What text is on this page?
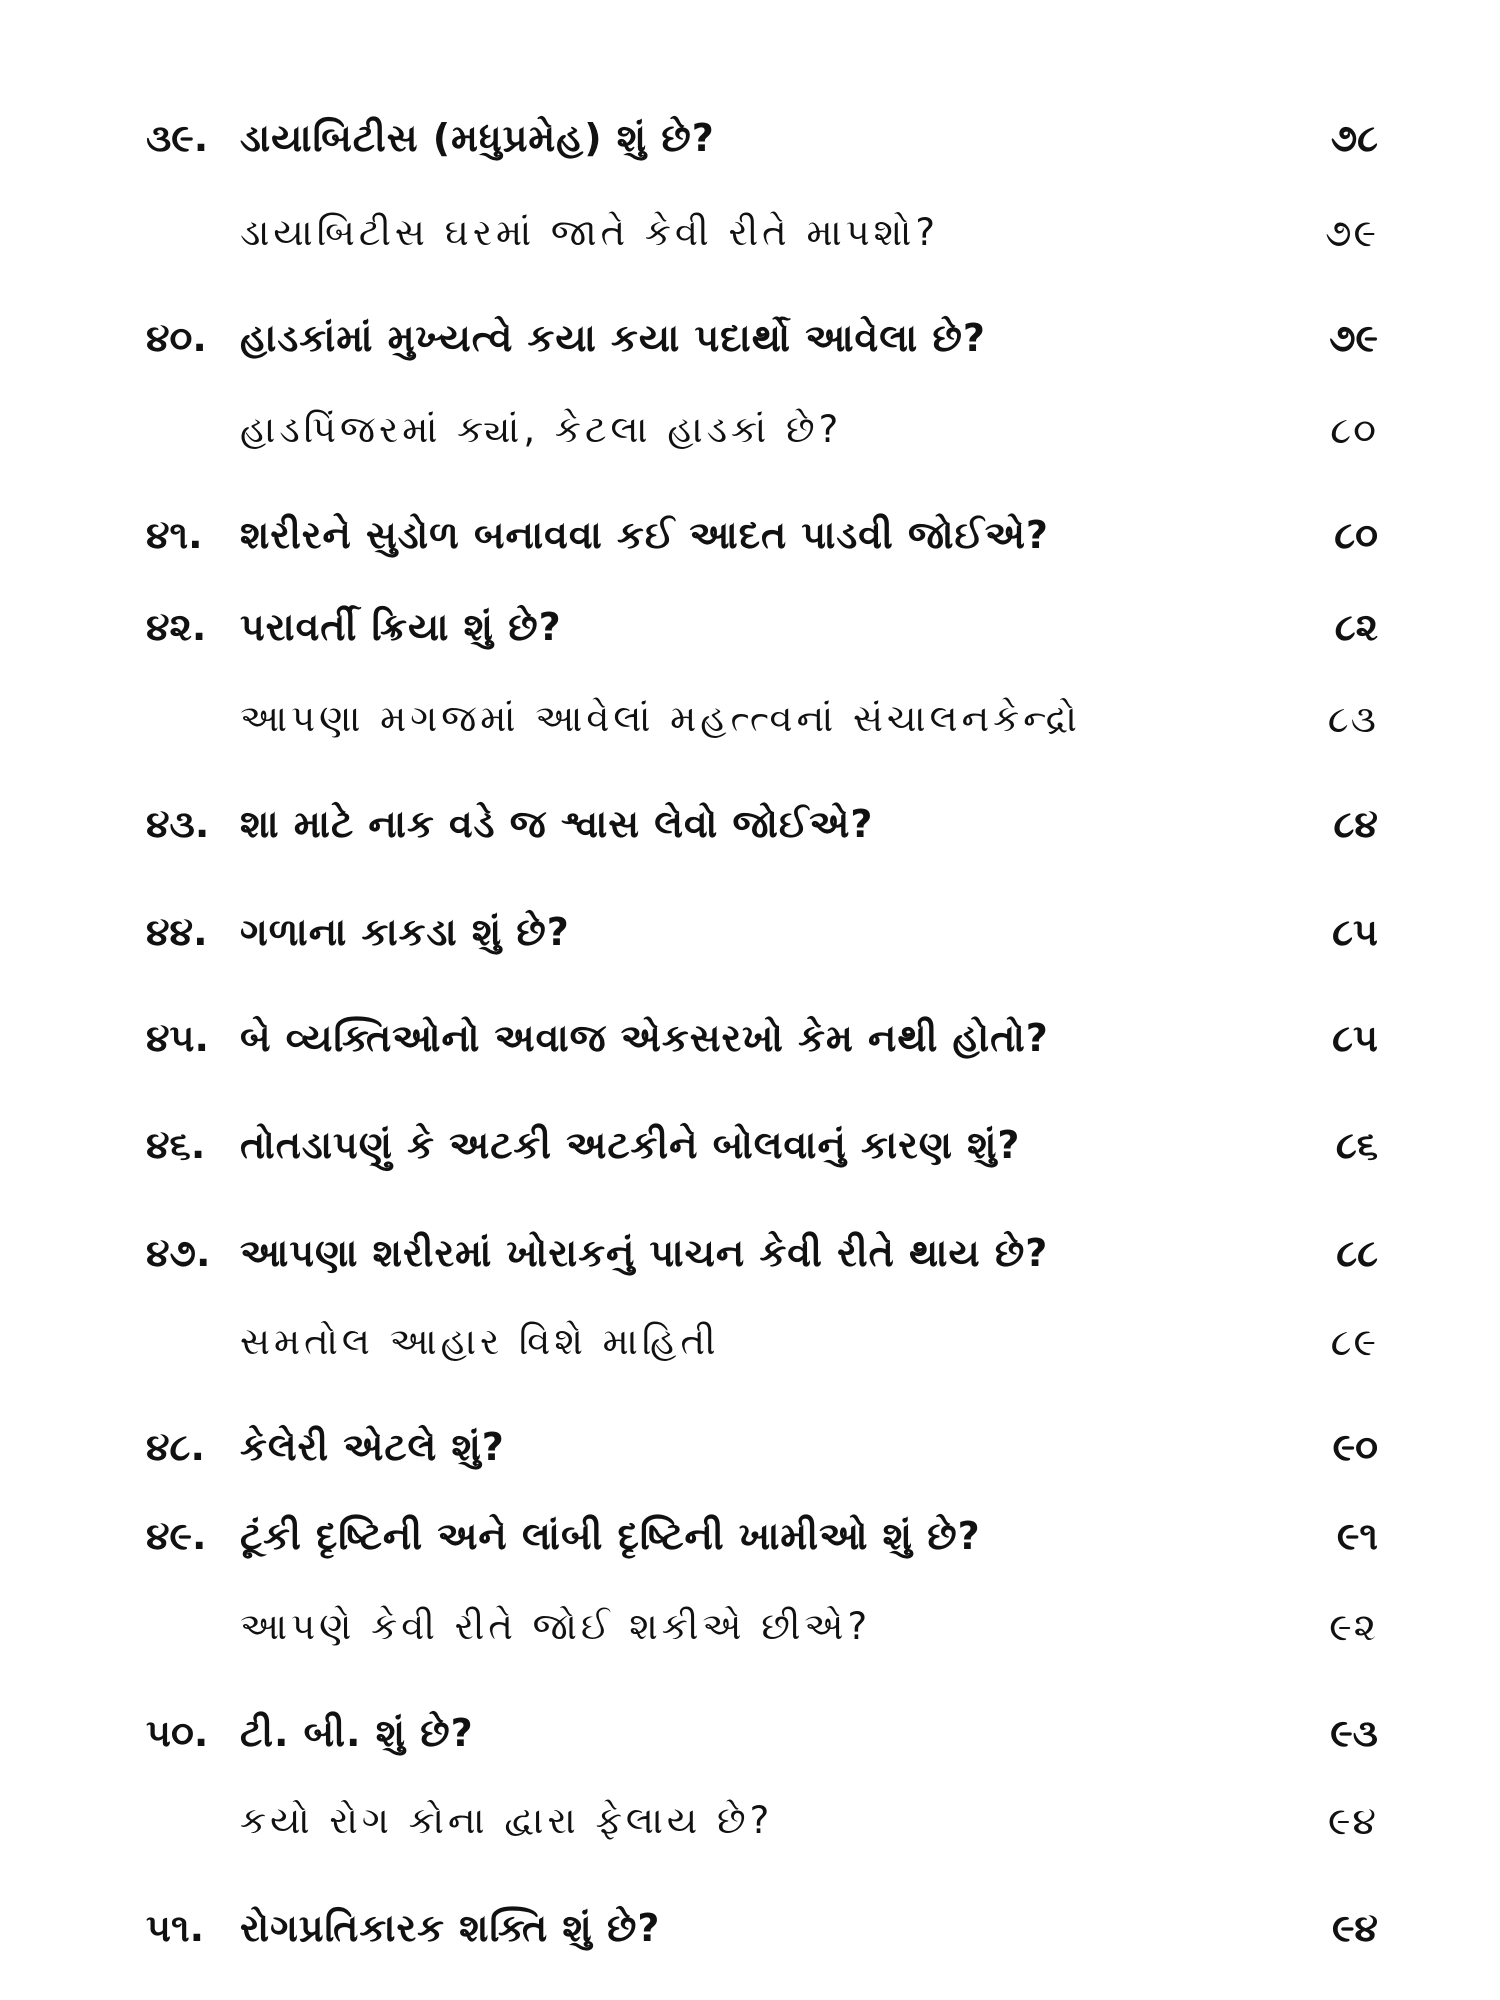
૩૯. ડાયાબિટીસ (મધુપ્રમેહ) શું છે?	૭૮
ડાયાબિટીસ ઘરમાં જાતે કેવી રીતે માપશો?	૭૯
૪૦. હાડકાંમાં મુખ્યત્વે કયા કયા પદાર્થો આવેલા છે?	૭૯
હાડપિંજરમાં ક્યાં, કેટલા હાડકાં છે?	૮૦
૪૧. શરીરને સુડોળ બનાવવા કઈ આદત પાડવી જોઈએ?	૮૦
૪૨. પરાવર્તી ક્રિયા શું છે?	૮૨
આપણા મગજમાં આવેલાં મહત્ત્વનાં સંચાલનકેન્દ્રો	૮૩
૪૩. શા માટે નાક વડે જ શ્વાસ લેવો જોઈએ?	૮૪
૪૪. ગળાના કાકડા શું છે?	૮૫
૪૫. બે વ્યક્તિઓનો અવાજ એકસરખો કેમ નથી હોતો?	૮૫
૪૬. તોતડાપણું કે અટકી અટકીને બોલવાનું કારણ શું?	૮૬
૪૭. આપણા શરીરમાં ખોરાકનું પાચન કેવી રીતે થાય છે?	૮૮
સમતોલ આહાર વિશે માહિતી	૮૯
૪૮. કેલેરી એટલે શું?	૯૦
૪૯. ટૂંકી દૃષ્ટિની અને લાંબી દૃષ્ટિની ખામીઓ શું છે?	૯૧
આપણે કેવી રીતે જોઈ શકીએ છીએ?	૯૨
૫૦. ટી. બી. શું છે?	૯૩
કયો રોગ કોના દ્વારા ફેલાય છે?	૯૪
૫૧. રોગપ્રતિકારક શક્તિ શું છે?	૯૪
